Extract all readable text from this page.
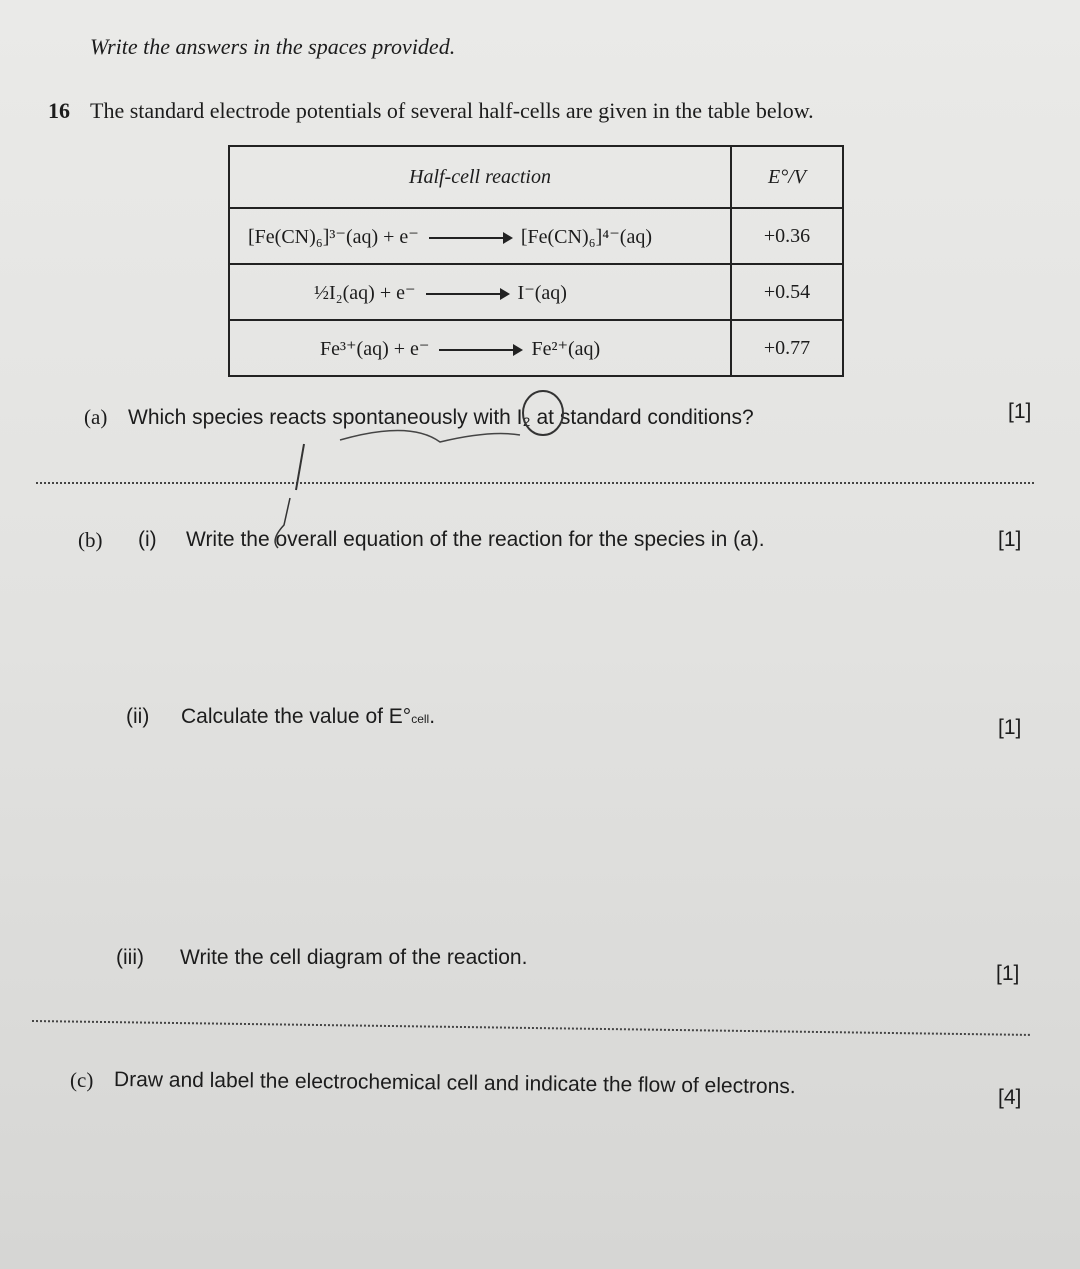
Write the answers in the spaces provided.
16 The standard electrode potentials of several half-cells are given in the table below.
Half-cell reaction	E°/V
[Fe(CN)₆]³⁻(aq) + e⁻ [Fe(CN)₆]⁴⁻(aq)	+0.36
½I₂(aq) + e⁻ I⁻(aq)	+0.54
Fe³⁺(aq) + e⁻ Fe²⁺(aq)	+0.77
(a) Which species reacts spontaneously with I₂ at standard conditions?	[1]
(b) (i) Write the overall equation of the reaction for the species in (a).	[1]
(ii) Calculate the value of E°cell.	[1]
(iii) Write the cell diagram of the reaction.
[1]
(c) Draw and label the electrochemical cell and indicate the flow of electrons.	[4]
